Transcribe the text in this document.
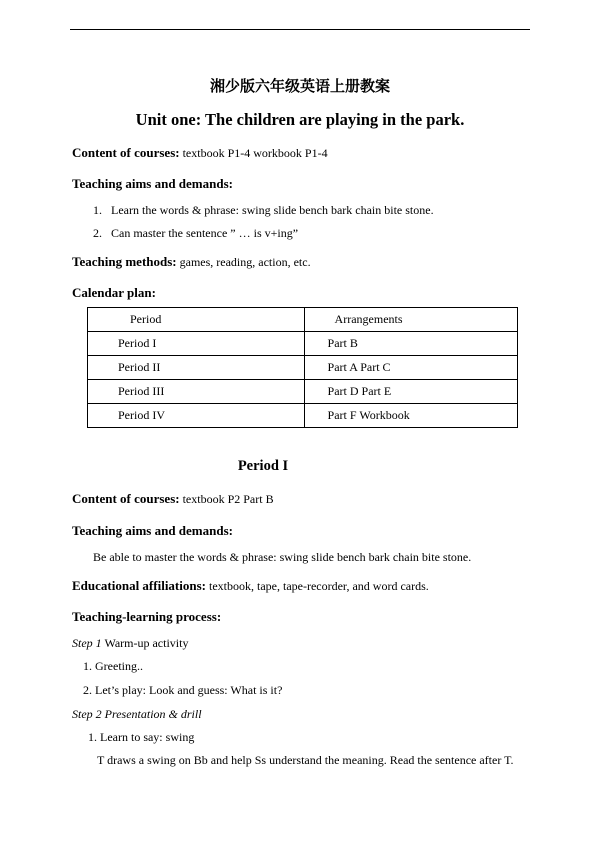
湘少版六年级英语上册教案
Unit one: The children are playing in the park.
Content of courses: textbook P1-4 workbook P1-4
Teaching aims and demands:
1. Learn the words & phrase: swing slide bench bark chain bite stone.
2. Can master the sentence ” … is v+ing”
Teaching methods: games, reading, action, etc.
Calendar plan:
Period	Arrangements
Period I	Part B
Period II	Part A Part C
Period III	Part D Part E
Period IV	Part F Workbook
Period I
Content of courses: textbook P2 Part B
Teaching aims and demands:
Be able to master the words & phrase: swing slide bench bark chain bite stone.
Educational affiliations: textbook, tape, tape-recorder, and word cards.
Teaching-learning process:
Step 1 Warm-up activity
1. Greeting..
2. Let’s play: Look and guess: What is it?
Step 2 Presentation & drill
1. Learn to say: swing
T draws a swing on Bb and help Ss understand the meaning. Read the sentence after T.
